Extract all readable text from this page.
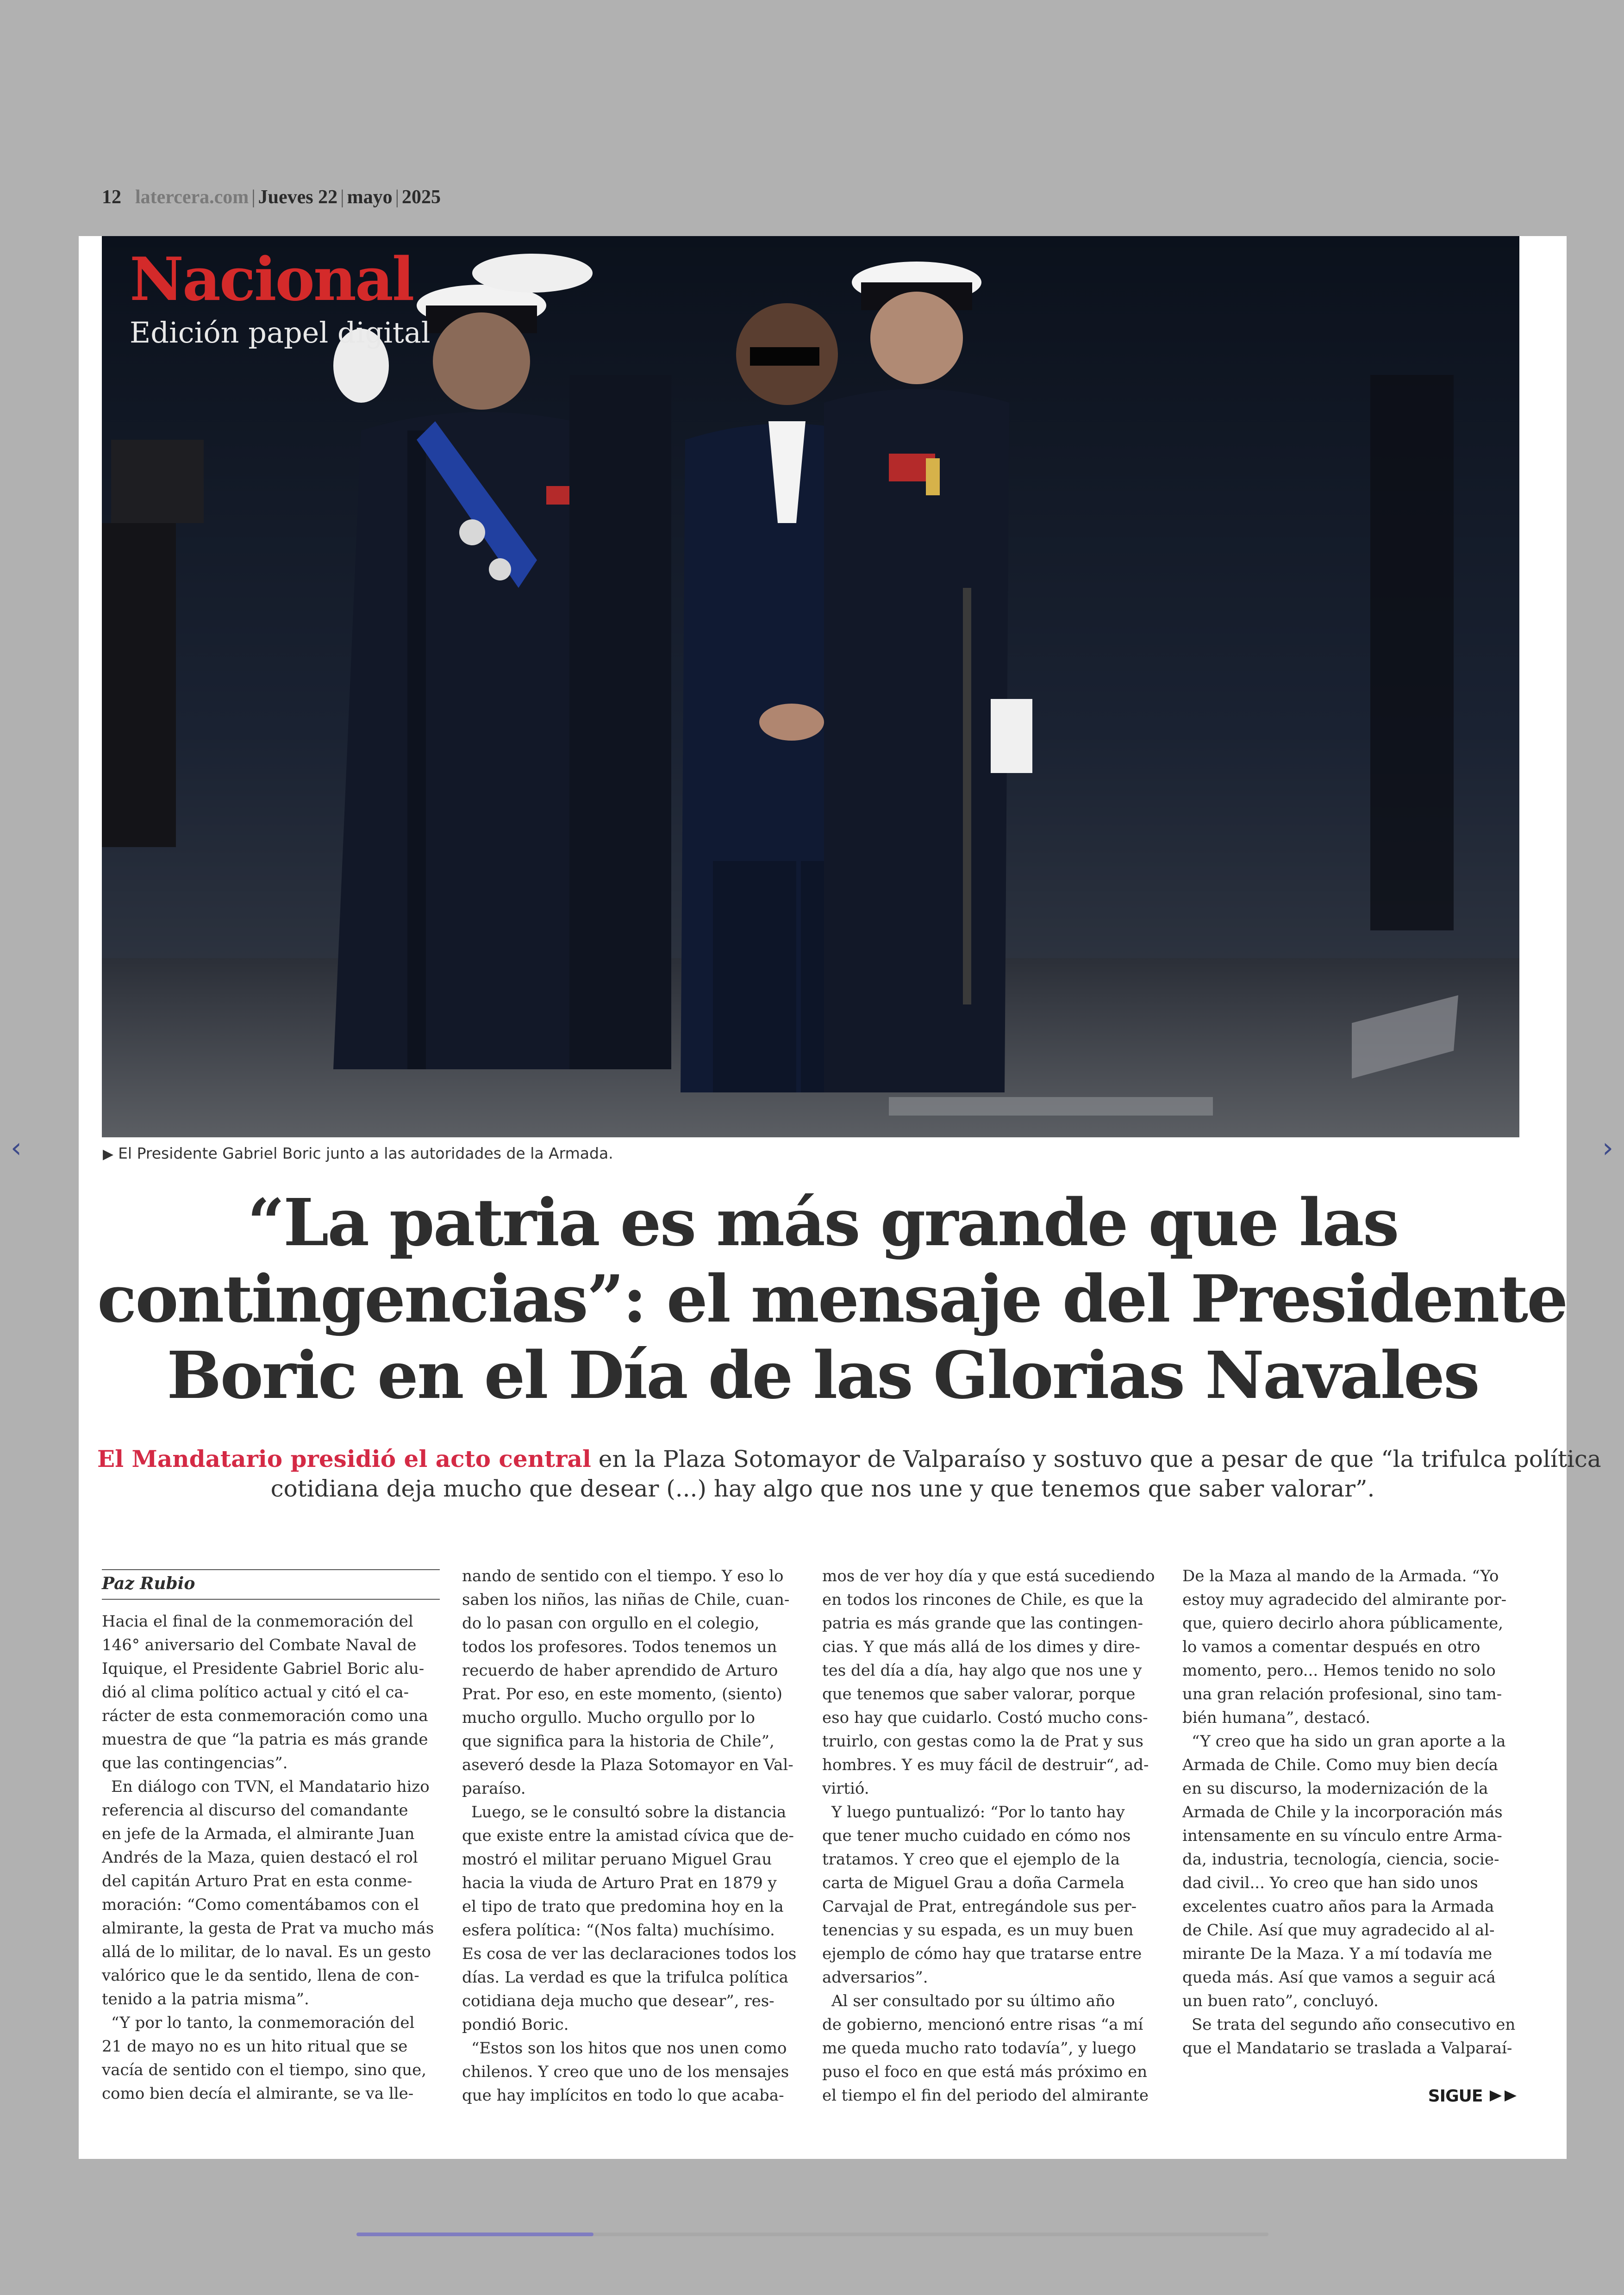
12 latercera.com | Jueves 22 | mayo | 2025
‹	›
Nacional
Edición papel digital
▶ El Presidente Gabriel Boric junto a las autoridades de la Armada.
“La patria es más grande que las
contingencias”: el mensaje del Presidente
Boric en el Día de las Glorias Navales
El Mandatario presidió el acto central en la Plaza Sotomayor de Valparaíso y sostuvo que a pesar de que “la trifulca política
cotidiana deja mucho que desear (...) hay algo que nos une y que tenemos que saber valorar”.
Paz Rubio
Hacia el final de la conmemoración del
146° aniversario del Combate Naval de
Iquique, el Presidente Gabriel Boric alu-
dió al clima político actual y citó el ca-
rácter de esta conmemoración como una
muestra de que “la patria es más grande
que las contingencias”.
En diálogo con TVN, el Mandatario hizo
referencia al discurso del comandante
en jefe de la Armada, el almirante Juan
Andrés de la Maza, quien destacó el rol
del capitán Arturo Prat en esta conme-
moración: “Como comentábamos con el
almirante, la gesta de Prat va mucho más
allá de lo militar, de lo naval. Es un gesto
valórico que le da sentido, llena de con-
tenido a la patria misma”.
“Y por lo tanto, la conmemoración del
21 de mayo no es un hito ritual que se
vacía de sentido con el tiempo, sino que,
como bien decía el almirante, se va lle-
nando de sentido con el tiempo. Y eso lo
saben los niños, las niñas de Chile, cuan-
do lo pasan con orgullo en el colegio,
todos los profesores. Todos tenemos un
recuerdo de haber aprendido de Arturo
Prat. Por eso, en este momento, (siento)
mucho orgullo. Mucho orgullo por lo
que significa para la historia de Chile”,
aseveró desde la Plaza Sotomayor en Val-
paraíso.
Luego, se le consultó sobre la distancia
que existe entre la amistad cívica que de-
mostró el militar peruano Miguel Grau
hacia la viuda de Arturo Prat en 1879 y
el tipo de trato que predomina hoy en la
esfera política: “(Nos falta) muchísimo.
Es cosa de ver las declaraciones todos los
días. La verdad es que la trifulca política
cotidiana deja mucho que desear”, res-
pondió Boric.
“Estos son los hitos que nos unen como
chilenos. Y creo que uno de los mensajes
que hay implícitos en todo lo que acaba-
mos de ver hoy día y que está sucediendo
en todos los rincones de Chile, es que la
patria es más grande que las contingen-
cias. Y que más allá de los dimes y dire-
tes del día a día, hay algo que nos une y
que tenemos que saber valorar, porque
eso hay que cuidarlo. Costó mucho cons-
truirlo, con gestas como la de Prat y sus
hombres. Y es muy fácil de destruir“, ad-
virtió.
Y luego puntualizó: “Por lo tanto hay
que tener mucho cuidado en cómo nos
tratamos. Y creo que el ejemplo de la
carta de Miguel Grau a doña Carmela
Carvajal de Prat, entregándole sus per-
tenencias y su espada, es un muy buen
ejemplo de cómo hay que tratarse entre
adversarios”.
Al ser consultado por su último año
de gobierno, mencionó entre risas “a mí
me queda mucho rato todavía”, y luego
puso el foco en que está más próximo en
el tiempo el fin del periodo del almirante
De la Maza al mando de la Armada. “Yo
estoy muy agradecido del almirante por-
que, quiero decirlo ahora públicamente,
lo vamos a comentar después en otro
momento, pero... Hemos tenido no solo
una gran relación profesional, sino tam-
bién humana”, destacó.
“Y creo que ha sido un gran aporte a la
Armada de Chile. Como muy bien decía
en su discurso, la modernización de la
Armada de Chile y la incorporación más
intensamente en su vínculo entre Arma-
da, industria, tecnología, ciencia, socie-
dad civil... Yo creo que han sido unos
excelentes cuatro años para la Armada
de Chile. Así que muy agradecido al al-
mirante De la Maza. Y a mí todavía me
queda más. Así que vamos a seguir acá
un buen rato”, concluyó.
Se trata del segundo año consecutivo en
que el Mandatario se traslada a Valparaí-
SIGUE
